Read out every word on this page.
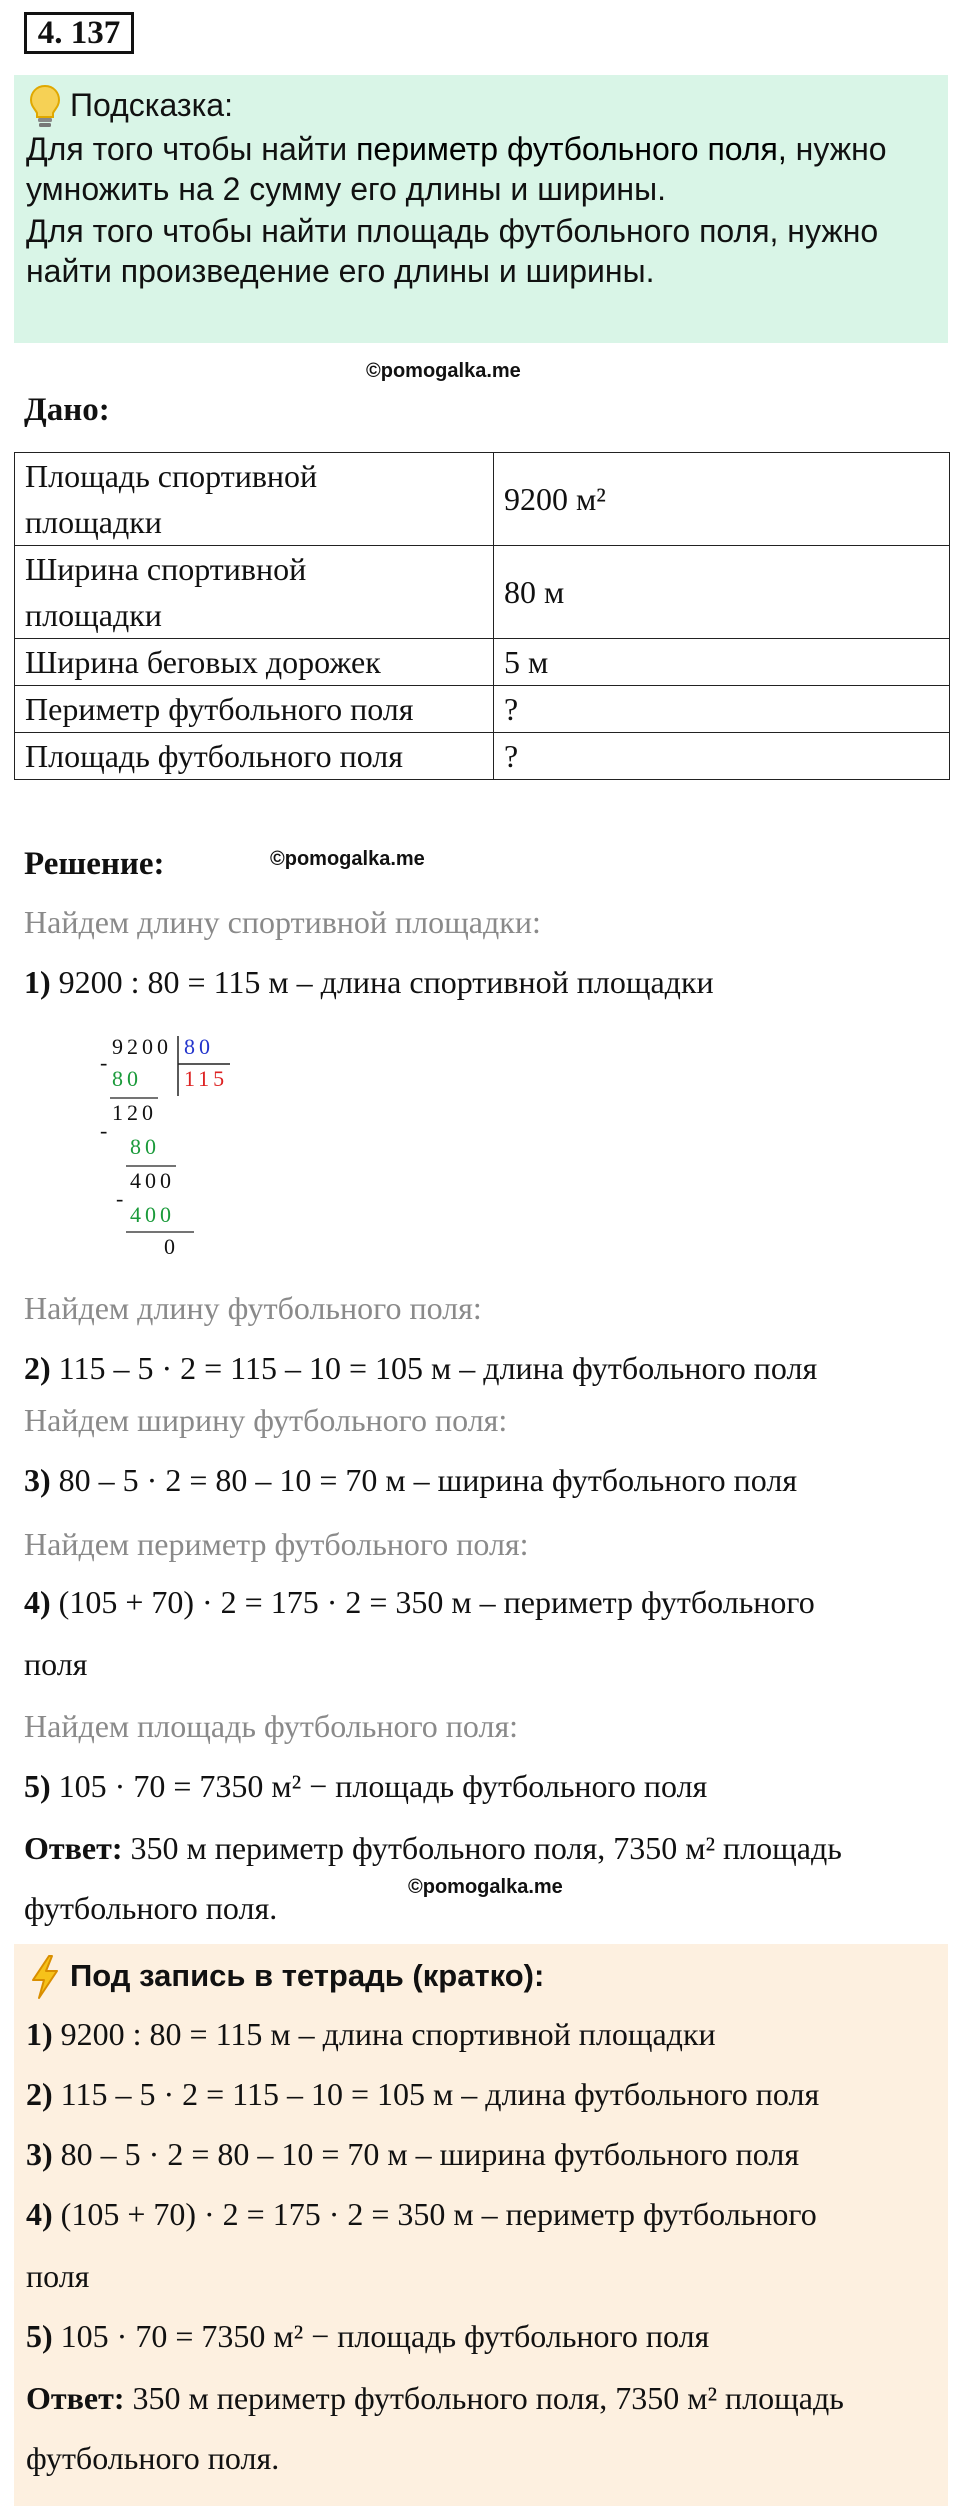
4. 137
Подсказка:
Для того чтобы найти периметр футбольного поля, нужно
умножить на 2 сумму его длины и ширины.
Для того чтобы найти площадь футбольного поля, нужно
найти произведение его длины и ширины.
©pomogalka.me
Дано:
Площадь спортивной
площадки	9200 м²

Ширина спортивной
площадки	80 м
Ширина беговых дорожек	5 м
Периметр футбольного поля	?
Площадь футбольного поля	?
Решение:	©pomogalka.me
Найдем длину спортивной площадки:
1) 9200 : 80 = 115 м – длина спортивной площадки
9200 80
115
-
80
120
-
80
400
-
400
0
Найдем длину футбольного поля:
2) 115 – 5 · 2 = 115 – 10 = 105 м – длина футбольного поля
Найдем ширину футбольного поля:
3) 80 – 5 · 2 = 80 – 10 = 70 м – ширина футбольного поля
Найдем периметр футбольного поля:
4) (105 + 70) · 2 = 175 · 2 = 350 м – периметр футбольного
поля
Найдем площадь футбольного поля:
5) 105 · 70 = 7350 м² − площадь футбольного поля
Ответ: 350 м периметр футбольного поля, 7350 м² площадь
футбольного поля.
©pomogalka.me
Под запись в тетрадь (кратко):
1) 9200 : 80 = 115 м – длина спортивной площадки
2) 115 – 5 · 2 = 115 – 10 = 105 м – длина футбольного поля
3) 80 – 5 · 2 = 80 – 10 = 70 м – ширина футбольного поля
4) (105 + 70) · 2 = 175 · 2 = 350 м – периметр футбольного
поля
5) 105 · 70 = 7350 м² − площадь футбольного поля
Ответ: 350 м периметр футбольного поля, 7350 м² площадь
футбольного поля.
